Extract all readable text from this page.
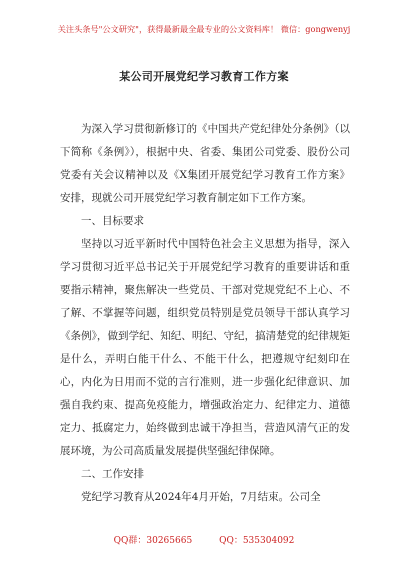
关注头条号"公文研究"，获得最新最全最专业的公文资料库！ 微信：gongwenyj
某公司开展党纪学习教育工作方案

为深入学习贯彻新修订的《中国共产党纪律处分条例》（以下简称《条例》），根据中央、省委、集团公司党委、股份公司党委有关会议精神以及《X集团开展党纪学习教育工作方案》安排，现就公司开展党纪学习教育制定如下工作方案。

一、目标要求

坚持以习近平新时代中国特色社会主义思想为指导，深入学习贯彻习近平总书记关于开展党纪学习教育的重要讲话和重要指示精神，聚焦解决一些党员、干部对党规党纪不上心、不了解、不掌握等问题，组织党员特别是党员领导干部认真学习《条例》，做到学纪、知纪、明纪、守纪，搞清楚党的纪律规矩是什么，弄明白能干什么、不能干什么，把遵规守纪刻印在心，内化为日用而不觉的言行准则，进一步强化纪律意识、加强自我约束、提高免疫能力，增强政治定力、纪律定力、道德定力、抵腐定力，始终做到忠诚干净担当，营造风清气正的发展环境，为公司高质量发展提供坚强纪律保障。

二、工作安排

党纪学习教育从2024年4月开始，7月结束。公司全

QQ群：30265665	QQ：535304092
